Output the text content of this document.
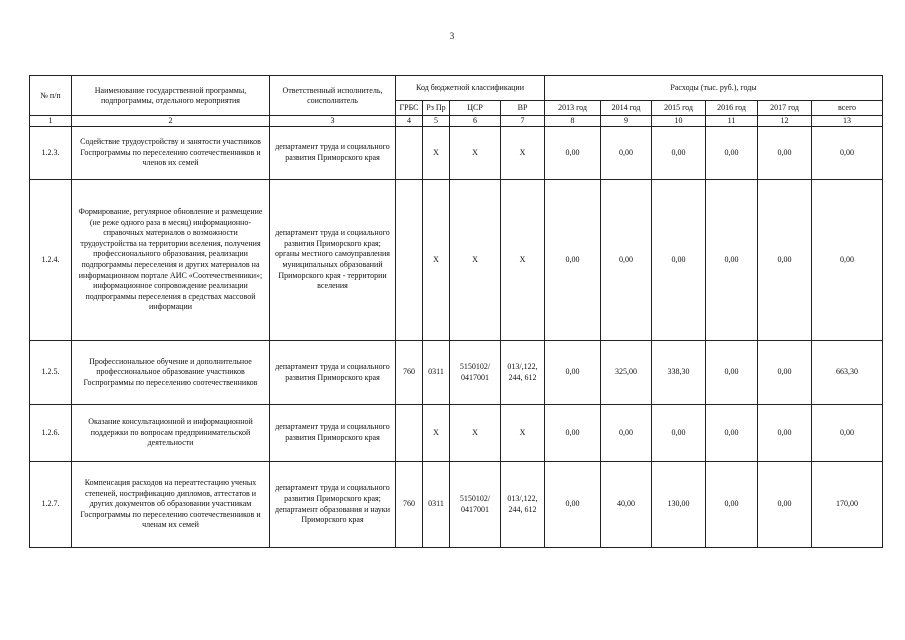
3
№ п/п	Наименование государственной программы, подпрограммы, отдельного мероприятия	Ответственный исполнитель, соисполнитель	Код бюджетной классификации				Расходы (тыс. руб.), годы					
			ГРБС	Рз Пр	ЦСР	ВР	2013 год	2014 год	2015 год	2016 год	2017 год	всего
1	2	3	4	5	6	7	8	9	10	11	12	13
1.2.3.	Содействие трудоустройству и занятости участников Госпрограммы по переселению соотечественников и членов их семей	департамент труда и социального развития Приморского края		X	X	X	0,00	0,00	0,00	0,00	0,00	0,00
1.2.4.	Формирование, регулярное обновление и размещение (не реже одного раза в месяц) информационно-справочных материалов о возможности трудоустройства на территории вселения, получения профессионального образования, реализации подпрограммы переселения и других материалов на информационном портале АИС «Соотечественники»; информационное сопровождение реализации подпрограммы переселения в средствах массовой информации	департамент труда и социального развития Приморского края; органы местного самоуправления муниципальных образований Приморского края - территории вселения		X	X	X	0,00	0,00	0,00	0,00	0,00	0,00
1.2.5.	Профессиональное обучение и дополнительное профессиональное образование участников Госпрограммы по переселению соотечественников	департамент труда и социального развития Приморского края	760	0311	5150102/ 0417001	013/,122, 244, 612	0,00	325,00	338,30	0,00	0,00	663,30
1.2.6.	Оказание консультационной и информационной поддержки по вопросам предпринимательской деятельности	департамент труда и социального развития Приморского края		X	X	X	0,00	0,00	0,00	0,00	0,00	0,00
1.2.7.	Компенсация расходов на переаттестацию ученых степеней, нострификацию дипломов, аттестатов и других документов об образовании участникам Госпрограммы по переселению соотечественников и членам их семей	департамент труда и социального развития Приморского края; департамент образования и науки Приморского края	760	0311	5150102/ 0417001	013/,122, 244, 612	0,00	40,00	130,00	0,00	0,00	170,00
